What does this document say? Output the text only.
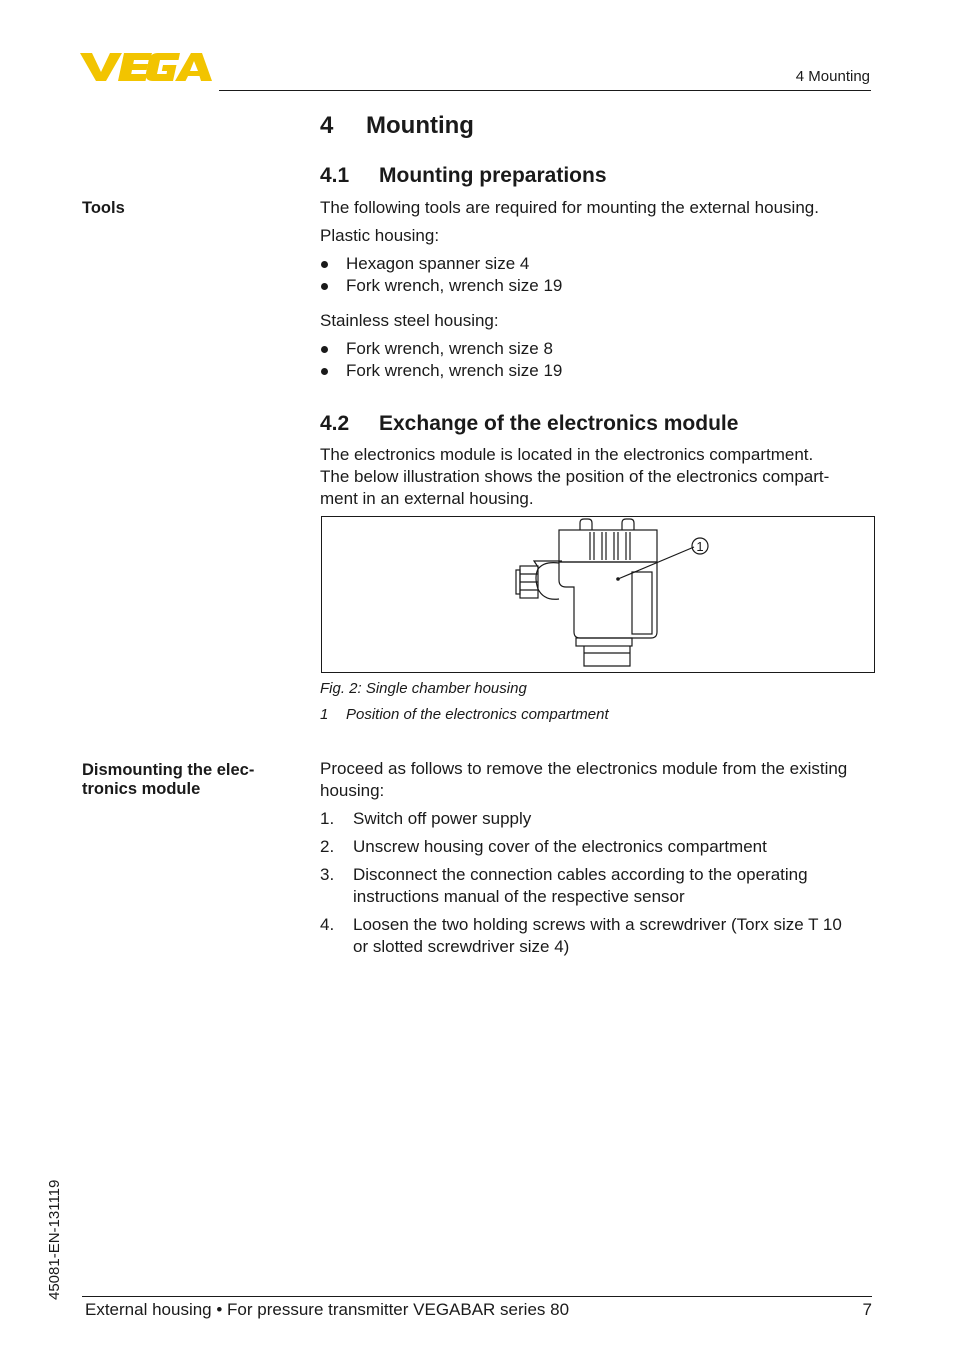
4 Mounting
4 Mounting
4.1 Mounting preparations
Tools	The following tools are required for mounting the external housing.
Plastic housing:
Hexagon spanner size 4
Fork wrench, wrench size 19
Stainless steel housing:
Fork wrench, wrench size 8
Fork wrench, wrench size 19
4.2 Exchange of the electronics module
The electronics module is located in the electronics compartment.
The below illustration shows the position of the electronics compart-
ment in an external housing.
1
Fig. 2: Single chamber housing
1 Position of the electronics compartment
Dismounting the elec-
tronics module
Proceed as follows to remove the electronics module from the existing
housing:
1. Switch off power supply
2. Unscrew housing cover of the electronics compartment
3. Disconnect the connection cables according to the operating
instructions manual of the respective sensor
4. Loosen the two holding screws with a screwdriver (Torx size T 10
or slotted screwdriver size 4)
45081-EN-131119
External housing • For pressure transmitter VEGABAR series 80	7
